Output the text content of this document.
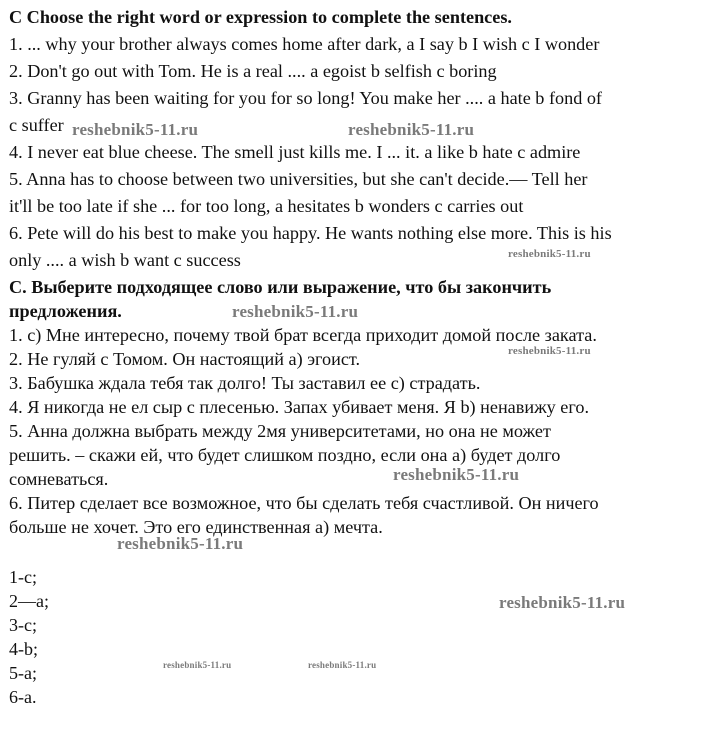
C Choose the right word or expression to complete the sentences.
1. ... why your brother always comes home after dark, a I say b I wish c I wonder
2. Don't go out with Tom. He is a real .... a egoist b selfish c boring
3. Granny has been waiting for you for so long! You make her .... a hate b fond of
c suffer
4. I never eat blue cheese. The smell just kills me. I ... it. a like b hate c admire
5. Anna has to choose between two universities, but she can't decide.— Tell her
it'll be too late if she ... for too long, a hesitates b wonders c carries out
6. Pete will do his best to make you happy. He wants nothing else more. This is his
only .... a wish b want c success
С. Выберите подходящее слово или выражение, что бы закончить
предложения.
1. с) Мне интересно, почему твой брат всегда приходит домой после заката.
2. Не гуляй с Томом. Он настоящий а) эгоист.
3. Бабушка ждала тебя так долго! Ты заставил ее с) страдать.
4. Я никогда не ел сыр с плесенью. Запах убивает меня. Я b) ненавижу его.
5. Анна должна выбрать между 2мя университетами, но она не может
решить. – скажи ей, что будет слишком поздно, если она а) будет долго
сомневаться.
6. Питер сделает все возможное, что бы сделать тебя счастливой. Он ничего
больше не хочет. Это его единственная а) мечта.
1-c;
2—a;
3-c;
4-b;
5-a;
6-a.
reshebnik5-11.ru	reshebnik5-11.ru
reshebnik5-11.ru
reshebnik5-11.ru
reshebnik5-11.ru
reshebnik5-11.ru
reshebnik5-11.ru
reshebnik5-11.ru
reshebnik5-11.ru	reshebnik5-11.ru
